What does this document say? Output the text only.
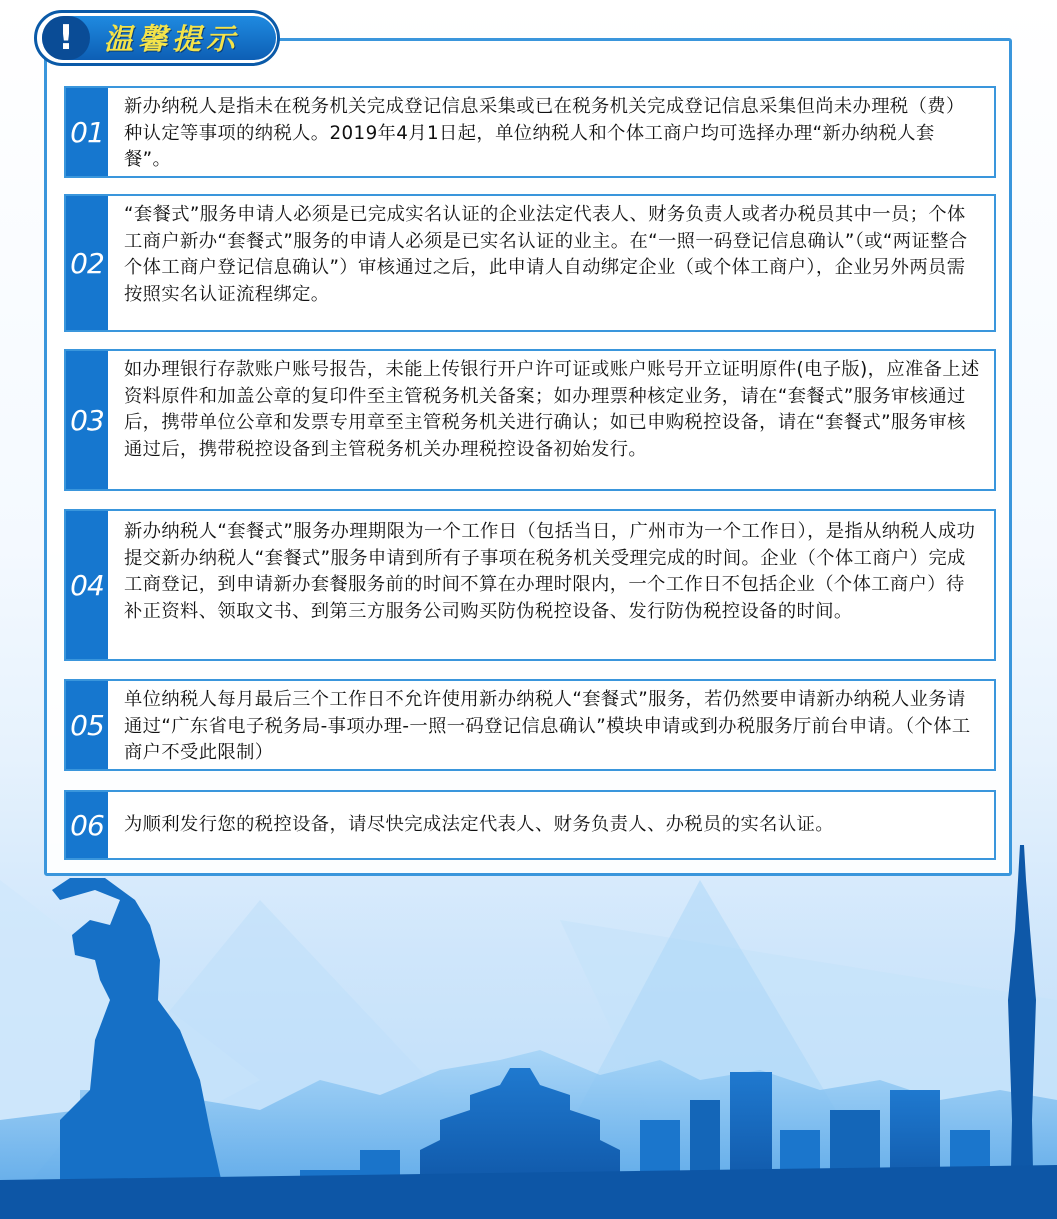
!	温馨提示
01
新办纳税人是指未在税务机关完成登记信息采集或已在税务机关完成登记信息采集但尚未办理税（费）种认定等事项的纳税人。2019年4月1日起，单位纳税人和个体工商户均可选择办理“新办纳税人套餐”。
02
“套餐式”服务申请人必须是已完成实名认证的企业法定代表人、财务负责人或者办税员其中一员；个体工商户新办“套餐式”服务的申请人必须是已实名认证的业主。在“一照一码登记信息确认”（或“两证整合个体工商户登记信息确认”）审核通过之后，此申请人自动绑定企业（或个体工商户），企业另外两员需按照实名认证流程绑定。
03
如办理银行存款账户账号报告，未能上传银行开户许可证或账户账号开立证明原件(电子版)，应准备上述资料原件和加盖公章的复印件至主管税务机关备案；如办理票种核定业务，请在“套餐式”服务审核通过后，携带单位公章和发票专用章至主管税务机关进行确认；如已申购税控设备，请在“套餐式”服务审核通过后，携带税控设备到主管税务机关办理税控设备初始发行。
04
新办纳税人“套餐式”服务办理期限为一个工作日（包括当日，广州市为一个工作日），是指从纳税人成功提交新办纳税人“套餐式”服务申请到所有子事项在税务机关受理完成的时间。企业（个体工商户）完成工商登记，到申请新办套餐服务前的时间不算在办理时限内，一个工作日不包括企业（个体工商户）待补正资料、领取文书、到第三方服务公司购买防伪税控设备、发行防伪税控设备的时间。
05
单位纳税人每月最后三个工作日不允许使用新办纳税人“套餐式”服务，若仍然要申请新办纳税人业务请通过“广东省电子税务局-事项办理-一照一码登记信息确认”模块申请或到办税服务厅前台申请。（个体工商户不受此限制）
06 为顺利发行您的税控设备，请尽快完成法定代表人、财务负责人、办税员的实名认证。
